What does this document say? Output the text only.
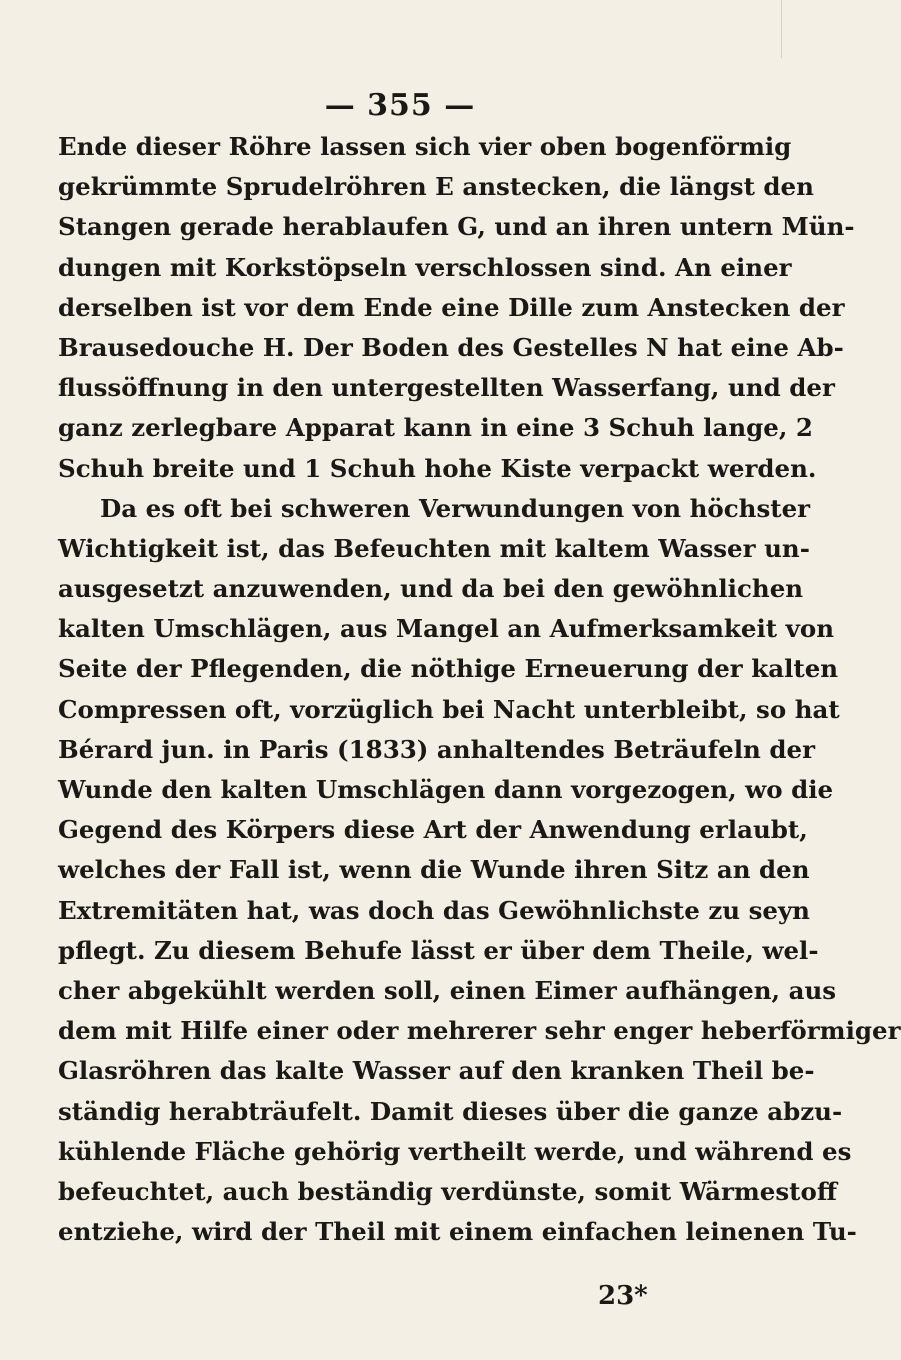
— 355 —
Ende dieser Röhre lassen sich vier oben bogenförmig
gekrümmte Sprudelröhren E anstecken, die längst den
Stangen gerade herablaufen G, und an ihren untern Mün-
dungen mit Korkstöpseln verschlossen sind. An einer
derselben ist vor dem Ende eine Dille zum Anstecken der
Brausedouche H. Der Boden des Gestelles N hat eine Ab-
flussöffnung in den untergestellten Wasserfang, und der
ganz zerlegbare Apparat kann in eine 3 Schuh lange, 2
Schuh breite und 1 Schuh hohe Kiste verpackt werden.
Da es oft bei schweren Verwundungen von höchster
Wichtigkeit ist, das Befeuchten mit kaltem Wasser un-
ausgesetzt anzuwenden, und da bei den gewöhnlichen
kalten Umschlägen, aus Mangel an Aufmerksamkeit von
Seite der Pflegenden, die nöthige Erneuerung der kalten
Compressen oft, vorzüglich bei Nacht unterbleibt, so hat
Bérard jun. in Paris (1833) anhaltendes Beträufeln der
Wunde den kalten Umschlägen dann vorgezogen, wo die
Gegend des Körpers diese Art der Anwendung erlaubt,
welches der Fall ist, wenn die Wunde ihren Sitz an den
Extremitäten hat, was doch das Gewöhnlichste zu seyn
pflegt. Zu diesem Behufe lässt er über dem Theile, wel-
cher abgekühlt werden soll, einen Eimer aufhängen, aus
dem mit Hilfe einer oder mehrerer sehr enger heberförmiger
Glasröhren das kalte Wasser auf den kranken Theil be-
ständig herabträufelt. Damit dieses über die ganze abzu-
kühlende Fläche gehörig vertheilt werde, und während es
befeuchtet, auch beständig verdünste, somit Wärmestoff
entziehe, wird der Theil mit einem einfachen leinenen Tu-
23*
